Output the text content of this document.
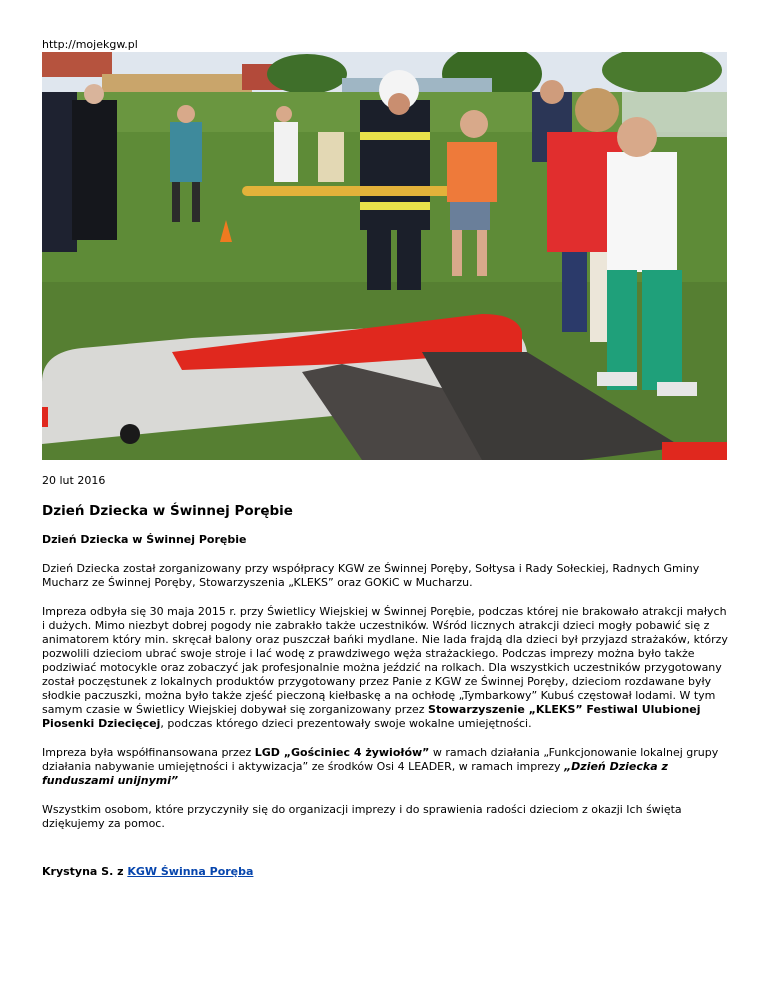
http://mojekgw.pl
20 lut 2016
Dzień Dziecka w Świnnej Porębie
Dzień Dziecka w Świnnej Porębie

Dzień Dziecka został zorganizowany przy współpracy KGW ze Świnnej Poręby, Sołtysa i Rady Sołeckiej, Radnych Gminy Mucharz ze Świnnej Poręby, Stowarzyszenia „KLEKS” oraz GOKiC w Mucharzu.

Impreza odbyła się 30 maja 2015 r. przy Świetlicy Wiejskiej w Świnnej Porębie, podczas której nie brakowało atrakcji małych i dużych. Mimo niezbyt dobrej pogody nie zabrakło także uczestników. Wśród licznych atrakcji dzieci mogły pobawić się z animatorem który min. skręcał balony oraz puszczał bańki mydlane. Nie lada frajdą dla dzieci był przyjazd strażaków, którzy pozwolili dzieciom ubrać swoje stroje i lać wodę z prawdziwego węża strażackiego. Podczas imprezy można było także podziwiać motocykle oraz zobaczyć jak profesjonalnie można jeździć na rolkach. Dla wszystkich uczestników przygotowany został poczęstunek z lokalnych produktów przygotowany przez Panie z KGW ze Świnnej Poręby, dzieciom rozdawane były słodkie paczuszki, można było także zjeść pieczoną kiełbaskę a na ochłodę „Tymbarkowy” Kubuś częstował lodami. W tym samym czasie w Świetlicy Wiejskiej dobywał się zorganizowany przez Stowarzyszenie „KLEKS” Festiwal Ulubionej Piosenki Dziecięcej, podczas którego dzieci prezentowały swoje wokalne umiejętności.

Impreza była współfinansowana przez LGD „Gościniec 4 żywiołów” w ramach działania „Funkcjonowanie lokalnej grupy działania nabywanie umiejętności i aktywizacja” ze środków Osi 4 LEADER, w ramach imprezy „Dzień Dziecka z funduszami unijnymi”

Wszystkim osobom, które przyczyniły się do organizacji imprezy i do sprawienia radości dzieciom z okazji Ich święta dziękujemy za pomoc.

Krystyna S. z KGW Świnna Poręba
